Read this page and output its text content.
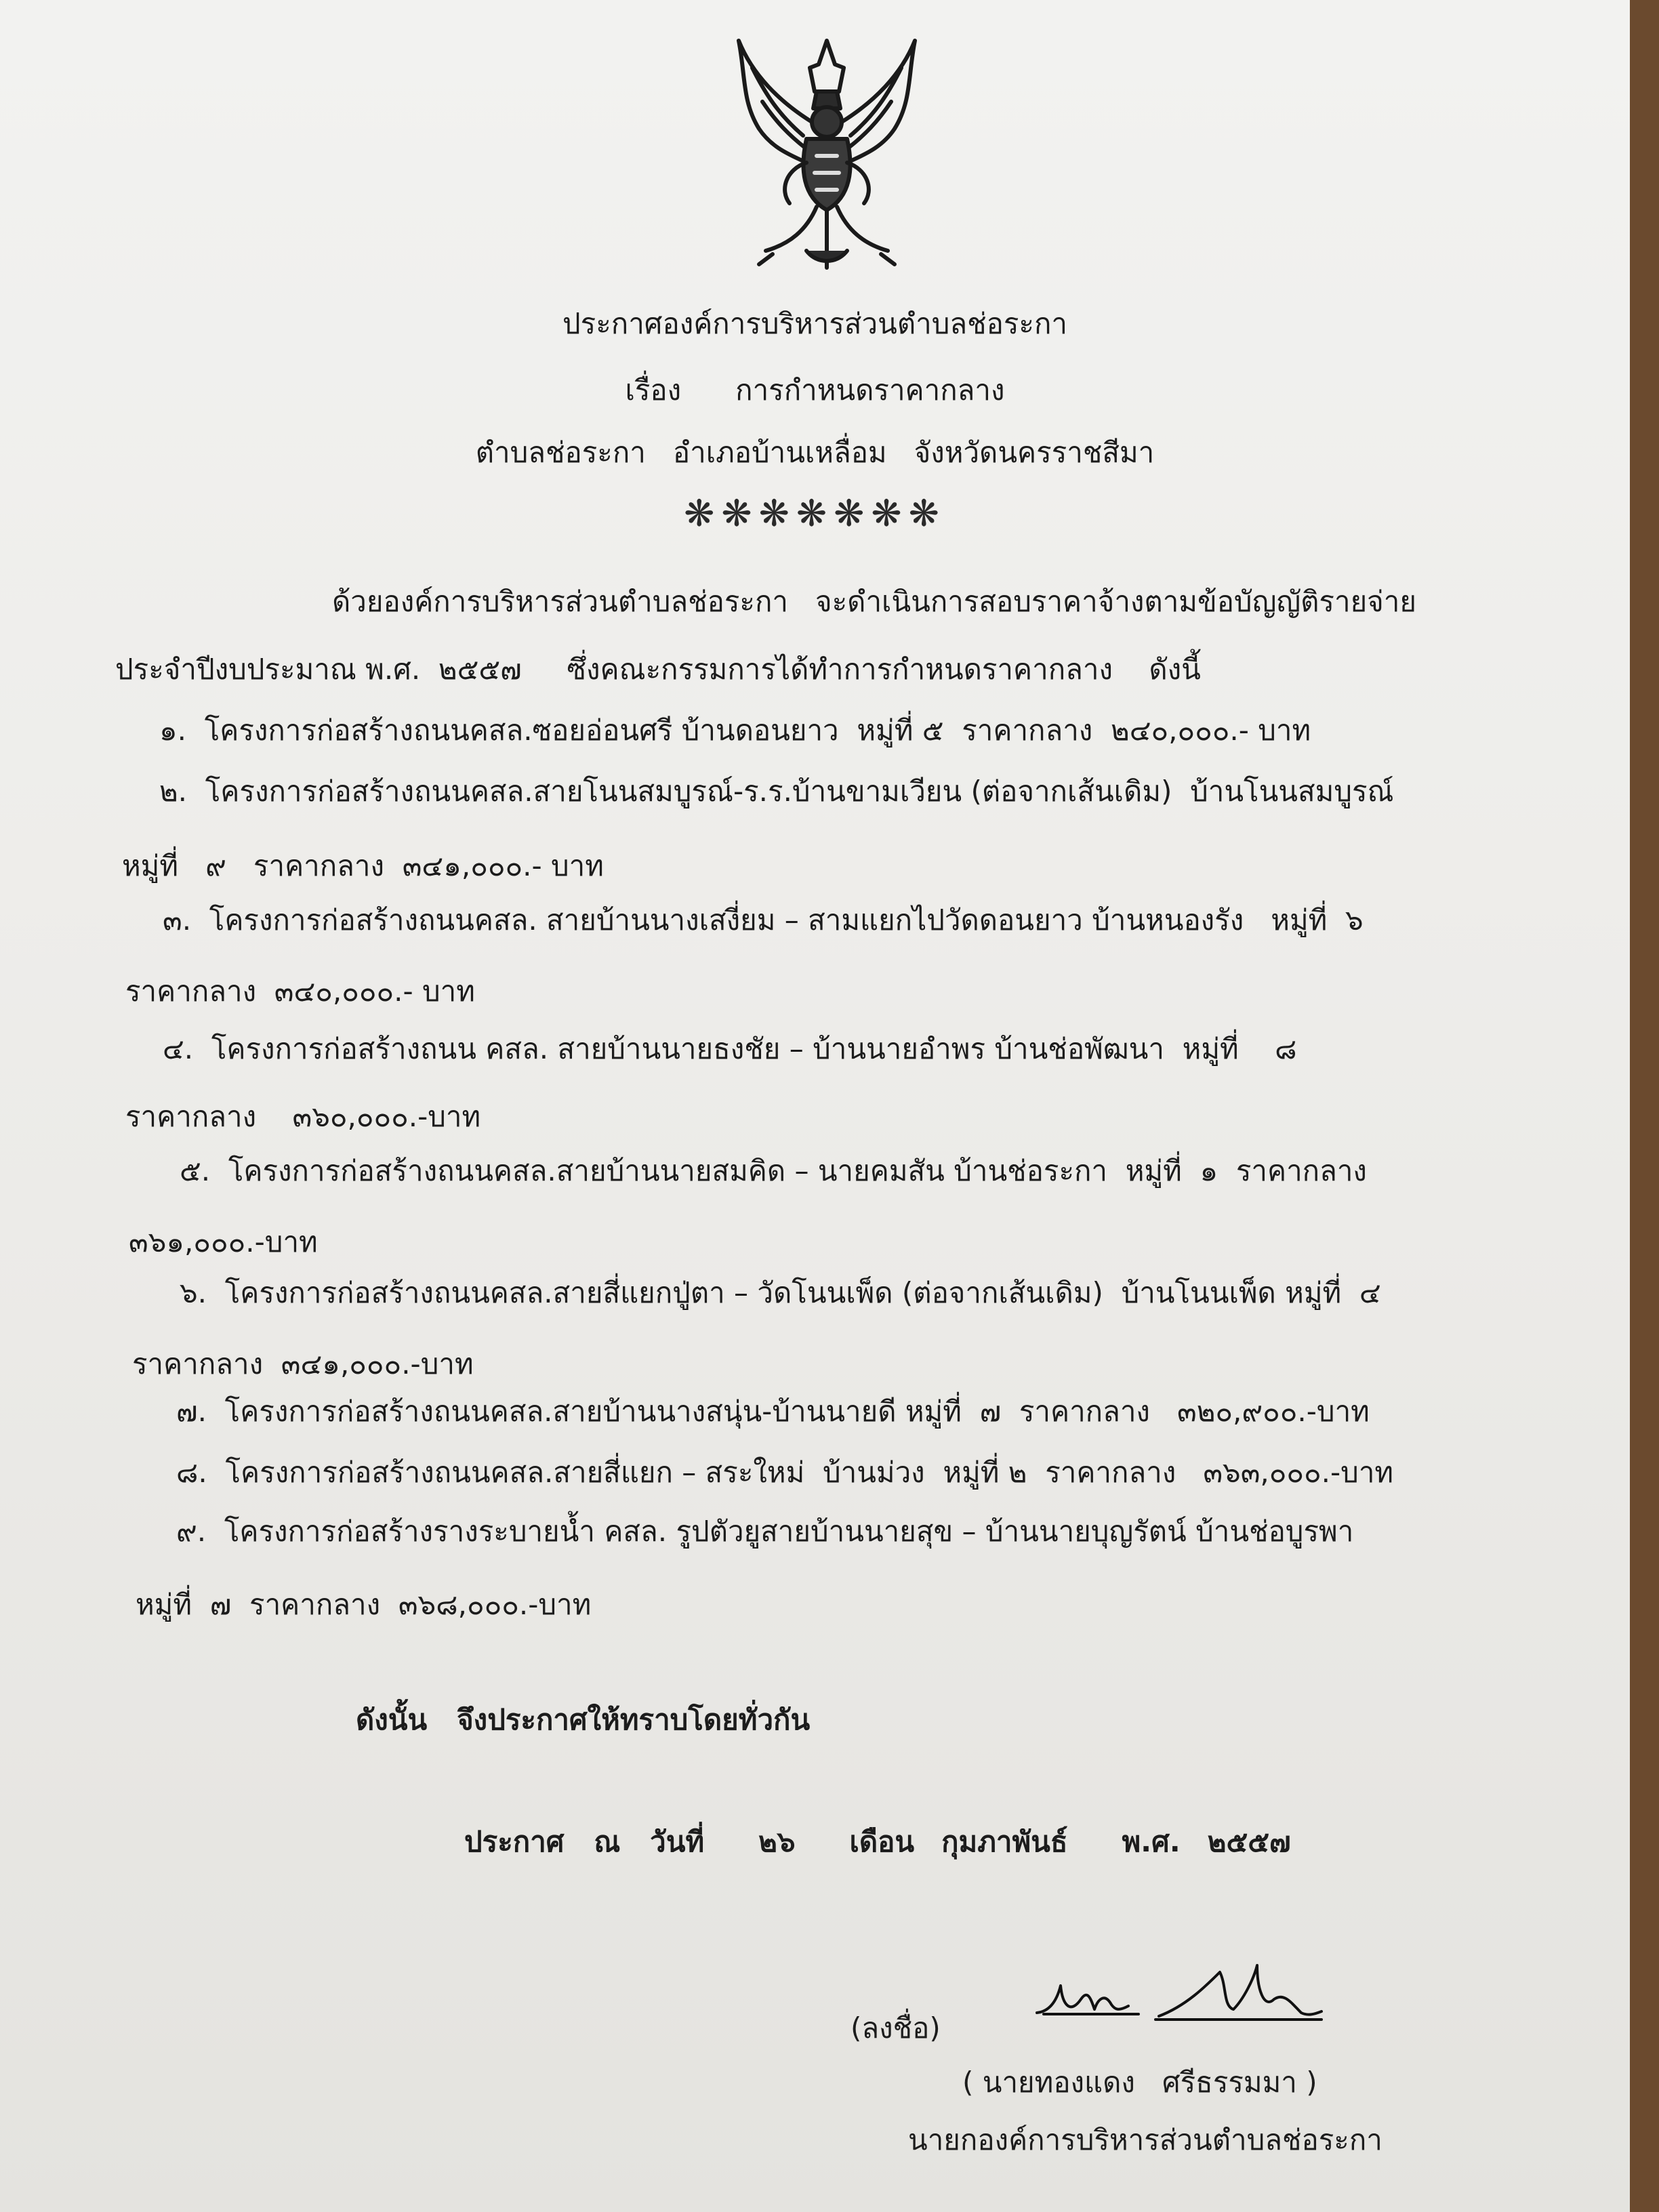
ประกาศองค์การบริหารส่วนตำบลช่อระกา
เรื่อง การกำหนดราคากลาง
ตำบลช่อระกา   อำเภอบ้านเหลื่อม   จังหวัดนครราชสีมา
❋❋❋❋❋❋❋
ด้วยองค์การบริหารส่วนตำบลช่อระกา   จะดำเนินการสอบราคาจ้างตามข้อบัญญัติรายจ่าย
ประจำปีงบประมาณ พ.ศ.  ๒๕๕๗     ซึ่งคณะกรรมการได้ทำการกำหนดราคากลาง    ดังนี้
๑.  โครงการก่อสร้างถนนคสล.ซอยอ่อนศรี บ้านดอนยาว  หมู่ที่ ๕  ราคากลาง  ๒๔๐,๐๐๐.- บาท
๒.  โครงการก่อสร้างถนนคสล.สายโนนสมบูรณ์-ร.ร.บ้านขามเวียน (ต่อจากเส้นเดิม)  บ้านโนนสมบูรณ์
หมู่ที่   ๙   ราคากลาง  ๓๔๑,๐๐๐.- บาท
๓.  โครงการก่อสร้างถนนคสล. สายบ้านนางเสงี่ยม – สามแยกไปวัดดอนยาว บ้านหนองรัง   หมู่ที่  ๖
ราคากลาง  ๓๔๐,๐๐๐.- บาท
๔.  โครงการก่อสร้างถนน คสล. สายบ้านนายธงชัย – บ้านนายอำพร บ้านช่อพัฒนา  หมู่ที่    ๘
ราคากลาง    ๓๖๐,๐๐๐.-บาท
๕.  โครงการก่อสร้างถนนคสล.สายบ้านนายสมคิด – นายคมสัน บ้านช่อระกา  หมู่ที่  ๑  ราคากลาง
๓๖๑,๐๐๐.-บาท
๖.  โครงการก่อสร้างถนนคสล.สายสี่แยกปู่ตา – วัดโนนเพ็ด (ต่อจากเส้นเดิม)  บ้านโนนเพ็ด หมู่ที่  ๔
ราคากลาง  ๓๔๑,๐๐๐.-บาท
๗.  โครงการก่อสร้างถนนคสล.สายบ้านนางสนุ่น-บ้านนายดี หมู่ที่  ๗  ราคากลาง   ๓๒๐,๙๐๐.-บาท
๘.  โครงการก่อสร้างถนนคสล.สายสี่แยก – สระใหม่  บ้านม่วง  หมู่ที่ ๒  ราคากลาง   ๓๖๓,๐๐๐.-บาท
๙.  โครงการก่อสร้างรางระบายน้ำ คสล. รูปตัวยูสายบ้านนายสุข – บ้านนายบุญรัตน์ บ้านช่อบูรพา
หมู่ที่  ๗  ราคากลาง  ๓๖๘,๐๐๐.-บาท
ดังนั้น   จึงประกาศให้ทราบโดยทั่วกัน
ประกาศ   ณ   วันที่ ๒๖ เดือน กุมภาพันธ์ พ.ศ. ๒๕๕๗
(ลงชื่อ)
( นายทองแดง   ศรีธรรมมา )
นายกองค์การบริหารส่วนตำบลช่อระกา
